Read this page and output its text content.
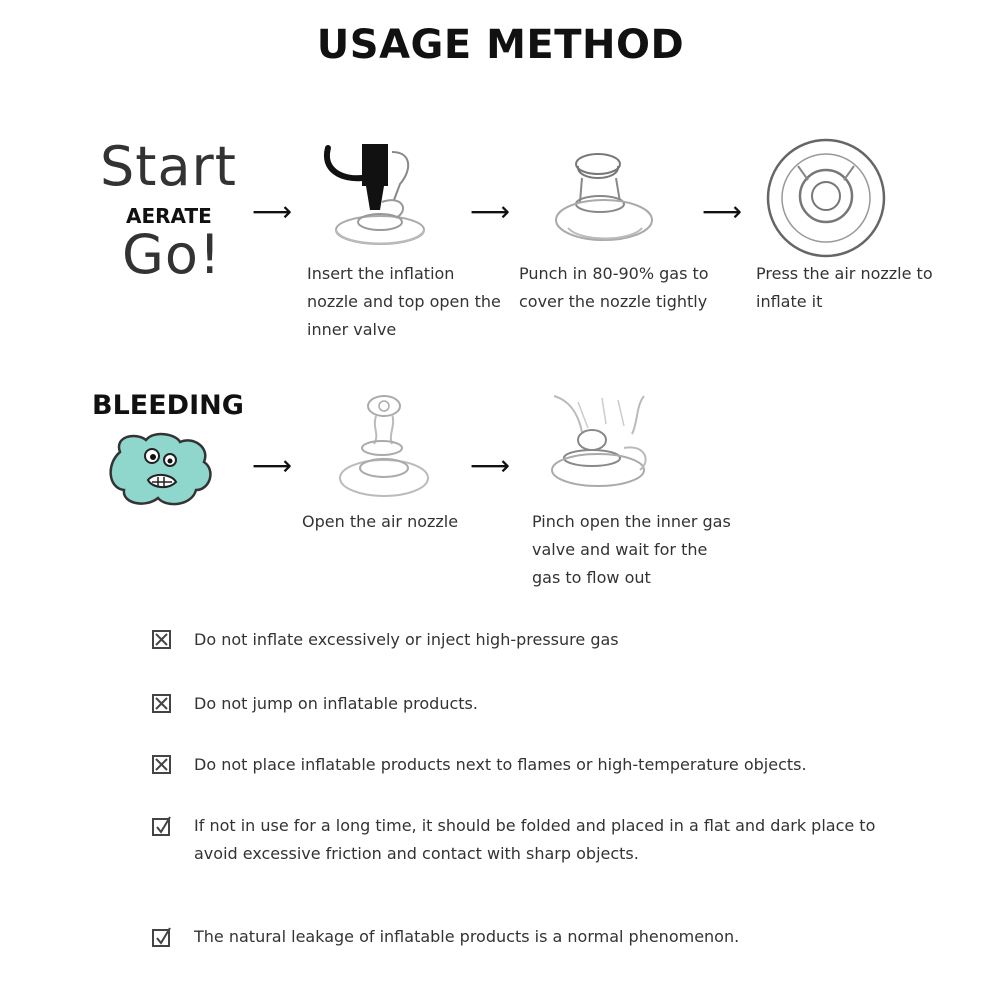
USAGE METHOD
Start
AERATE
Go!
⟶	⟶	⟶
Insert the inflation nozzle and top open the inner valve
Punch in 80-90% gas to cover the nozzle tightly
Press the air nozzle to inflate it
BLEEDING
⟶	⟶
Open the air nozzle	Pinch open the inner gas valve and wait for the gas to flow out
Do not inflate excessively or inject high-pressure gas
Do not jump on inflatable products.
Do not place inflatable products next to flames or high-temperature objects.
If not in use for a long time, it should be folded and placed in a flat and dark place to
avoid excessive friction and contact with sharp objects.
The natural leakage of inflatable products is a normal phenomenon.
